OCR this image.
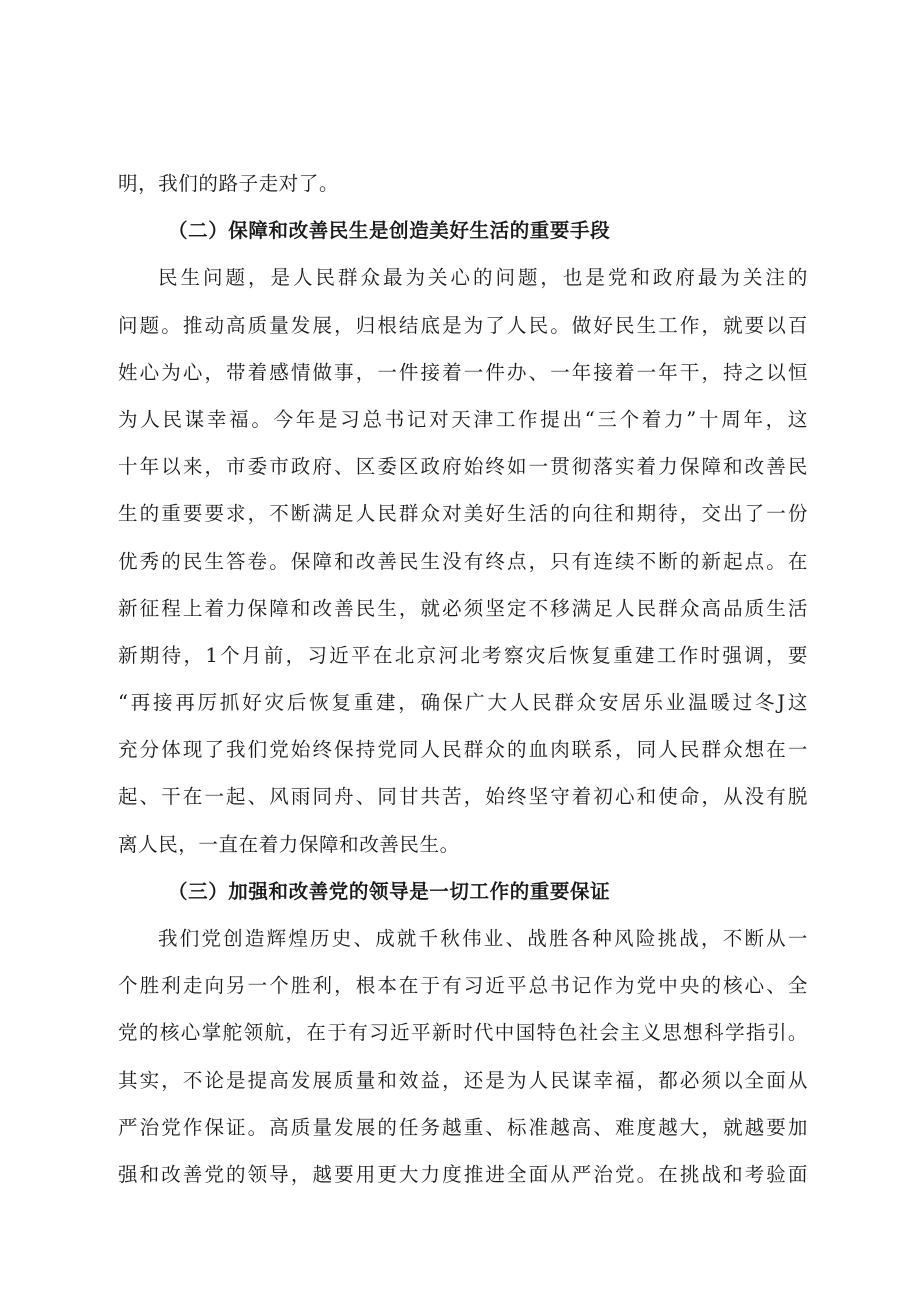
明，我们的路子走对了。
（二）保障和改善民生是创造美好生活的重要手段
民生问题，是人民群众最为关心的问题，也是党和政府最为关注的
问题。推动高质量发展，归根结底是为了人民。做好民生工作，就要以百
姓心为心，带着感情做事，一件接着一件办、一年接着一年干，持之以恒
为人民谋幸福。今年是习总书记对天津工作提出“三个着力”十周年，这
十年以来，市委市政府、区委区政府始终如一贯彻落实着力保障和改善民
生的重要要求，不断满足人民群众对美好生活的向往和期待，交出了一份
优秀的民生答卷。保障和改善民生没有终点，只有连续不断的新起点。在
新征程上着力保障和改善民生，就必须坚定不移满足人民群众高品质生活
新期待，1个月前，习近平在北京河北考察灾后恢复重建工作时强调，要
“再接再厉抓好灾后恢复重建，确保广大人民群众安居乐业温暖过冬J这
充分体现了我们党始终保持党同人民群众的血肉联系，同人民群众想在一
起、干在一起、风雨同舟、同甘共苦，始终坚守着初心和使命，从没有脱
离人民，一直在着力保障和改善民生。
（三）加强和改善党的领导是一切工作的重要保证
我们党创造辉煌历史、成就千秋伟业、战胜各种风险挑战，不断从一
个胜利走向另一个胜利，根本在于有习近平总书记作为党中央的核心、全
党的核心掌舵领航，在于有习近平新时代中国特色社会主义思想科学指引。
其实，不论是提高发展质量和效益，还是为人民谋幸福，都必须以全面从
严治党作保证。高质量发展的任务越重、标准越高、难度越大，就越要加
强和改善党的领导，越要用更大力度推进全面从严治党。在挑战和考验面
